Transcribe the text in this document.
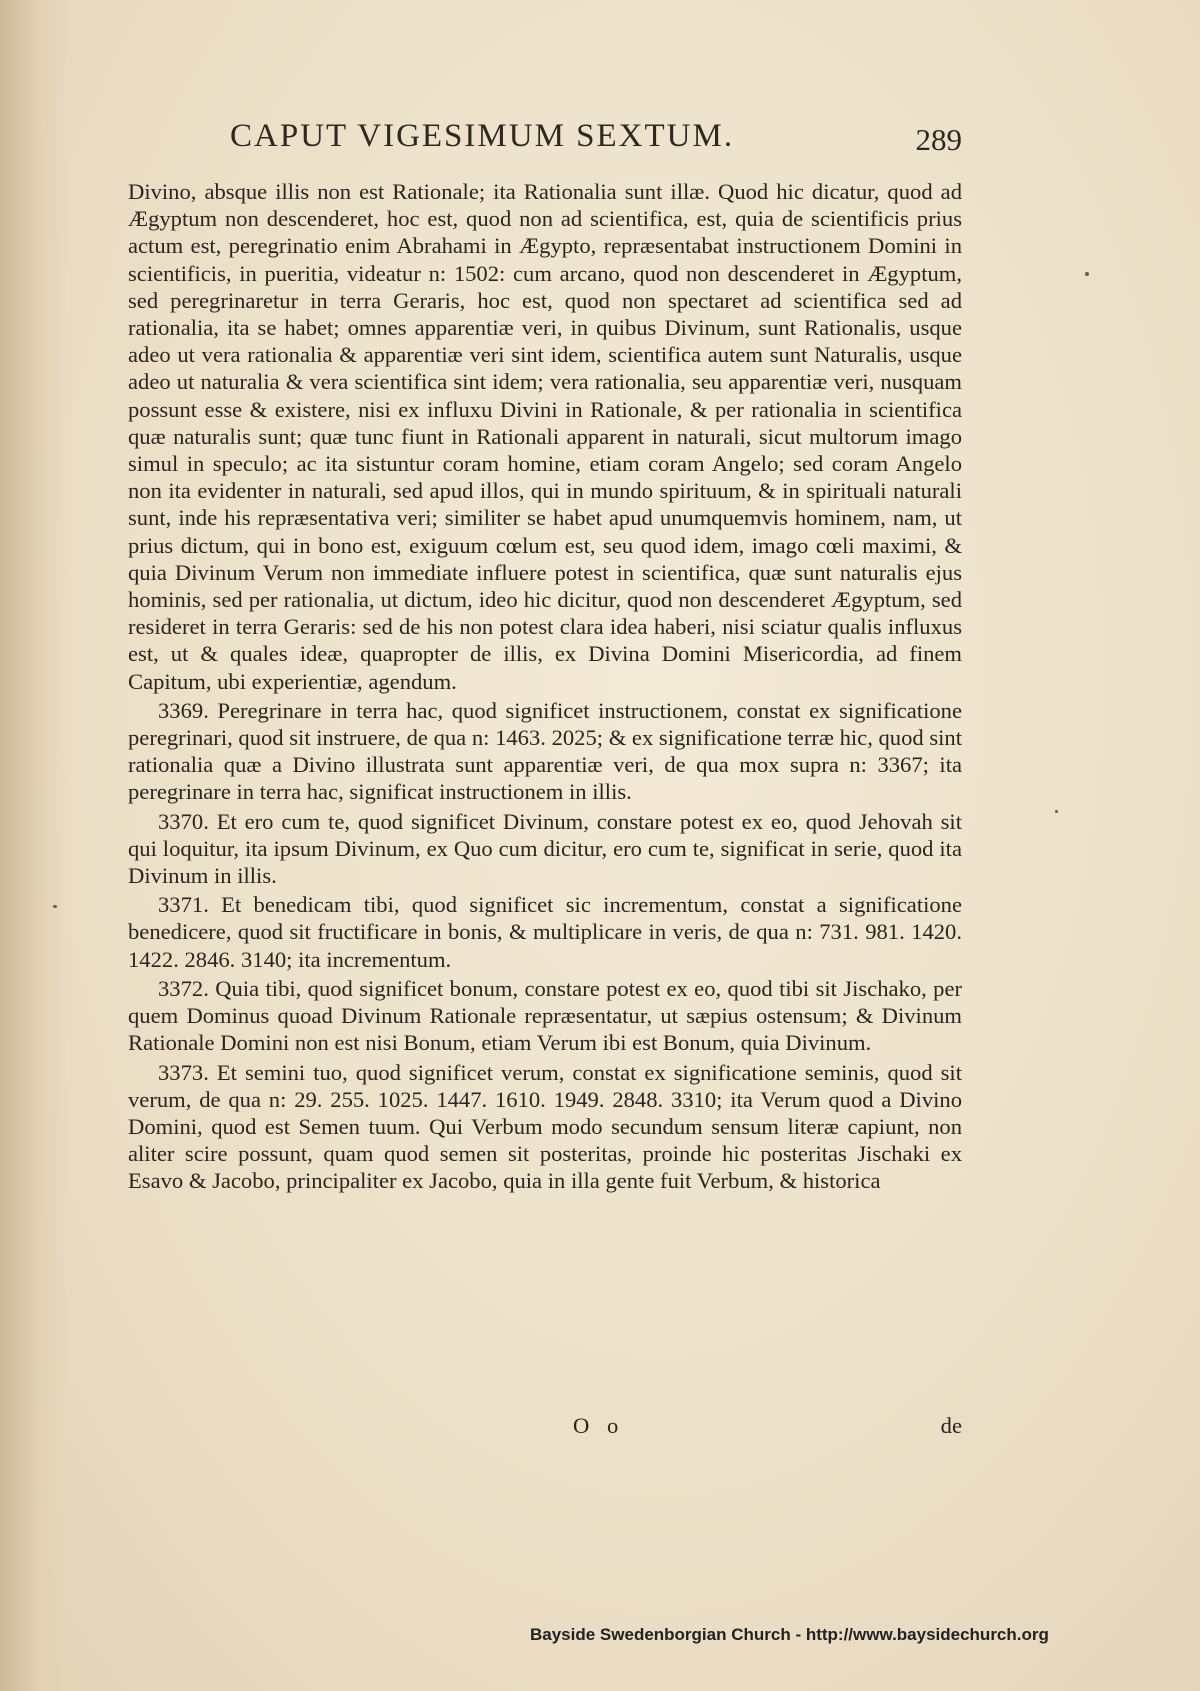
CAPUT VIGESIMUM SEXTUM.	289

Divino, absque illis non est Rationale; ita Rationalia sunt illæ. Quod hic dicatur, quod ad Ægyptum non descenderet, hoc est, quod non ad scientifica, est, quia de scientificis prius actum est, peregrinatio enim Abrahami in Ægypto, repræsentabat instructionem Domini in scientificis, in pueritia, videatur n: 1502: cum arcano, quod non descenderet in Ægyptum, sed peregrinaretur in terra Geraris, hoc est, quod non spectaret ad scientifica sed ad rationalia, ita se habet; omnes apparentiæ veri, in quibus Divinum, sunt Rationalis, usque adeo ut vera rationalia & apparentiæ veri sint idem, scientifica autem sunt Naturalis, usque adeo ut naturalia & vera scientifica sint idem; vera rationalia, seu apparentiæ veri, nusquam possunt esse & existere, nisi ex influxu Divini in Rationale, & per rationalia in scientifica quæ naturalis sunt; quæ tunc fiunt in Rationali apparent in naturali, sicut multorum imago simul in speculo; ac ita sistuntur coram homine, etiam coram Angelo; sed coram Angelo non ita evidenter in naturali, sed apud illos, qui in mundo spirituum, & in spirituali naturali sunt, inde his repræsentativa veri; similiter se habet apud unumquemvis hominem, nam, ut prius dictum, qui in bono est, exiguum cœlum est, seu quod idem, imago cœli maximi, & quia Divinum Verum non immediate influere potest in scientifica, quæ sunt naturalis ejus hominis, sed per rationalia, ut dictum, ideo hic dicitur, quod non descenderet Ægyptum, sed resideret in terra Geraris: sed de his non potest clara idea haberi, nisi sciatur qualis influxus est, ut & quales ideæ, quapropter de illis, ex Divina Domini Misericordia, ad finem Capitum, ubi experientiæ, agendum.

3369. Peregrinare in terra hac, quod significet instructionem, constat ex significatione peregrinari, quod sit instruere, de qua n: 1463. 2025; & ex significatione terræ hic, quod sint rationalia quæ a Divino illustrata sunt apparentiæ veri, de qua mox supra n: 3367; ita peregrinare in terra hac, significat instructionem in illis.

3370. Et ero cum te, quod significet Divinum, constare potest ex eo, quod Jehovah sit qui loquitur, ita ipsum Divinum, ex Quo cum dicitur, ero cum te, significat in serie, quod ita Divinum in illis.

3371. Et benedicam tibi, quod significet sic incrementum, constat a significatione benedicere, quod sit fructificare in bonis, & multiplicare in veris, de qua n: 731. 981. 1420. 1422. 2846. 3140; ita incrementum.

3372. Quia tibi, quod significet bonum, constare potest ex eo, quod tibi sit Jischako, per quem Dominus quoad Divinum Rationale repræsentatur, ut sæpius ostensum; & Divinum Rationale Domini non est nisi Bonum, etiam Verum ibi est Bonum, quia Divinum.

3373. Et semini tuo, quod significet verum, constat ex significatione seminis, quod sit verum, de qua n: 29. 255. 1025. 1447. 1610. 1949. 2848. 3310; ita Verum quod a Divino Domini, quod est Semen tuum. Qui Verbum modo secundum sensum literæ capiunt, non aliter scire possunt, quam quod semen sit posteritas, proinde hic posteritas Jischaki ex Esavo & Jacobo, principaliter ex Jacobo, quia in illa gente fuit Verbum, & historica

O o	de
Bayside Swedenborgian Church - http://www.baysidechurch.org
